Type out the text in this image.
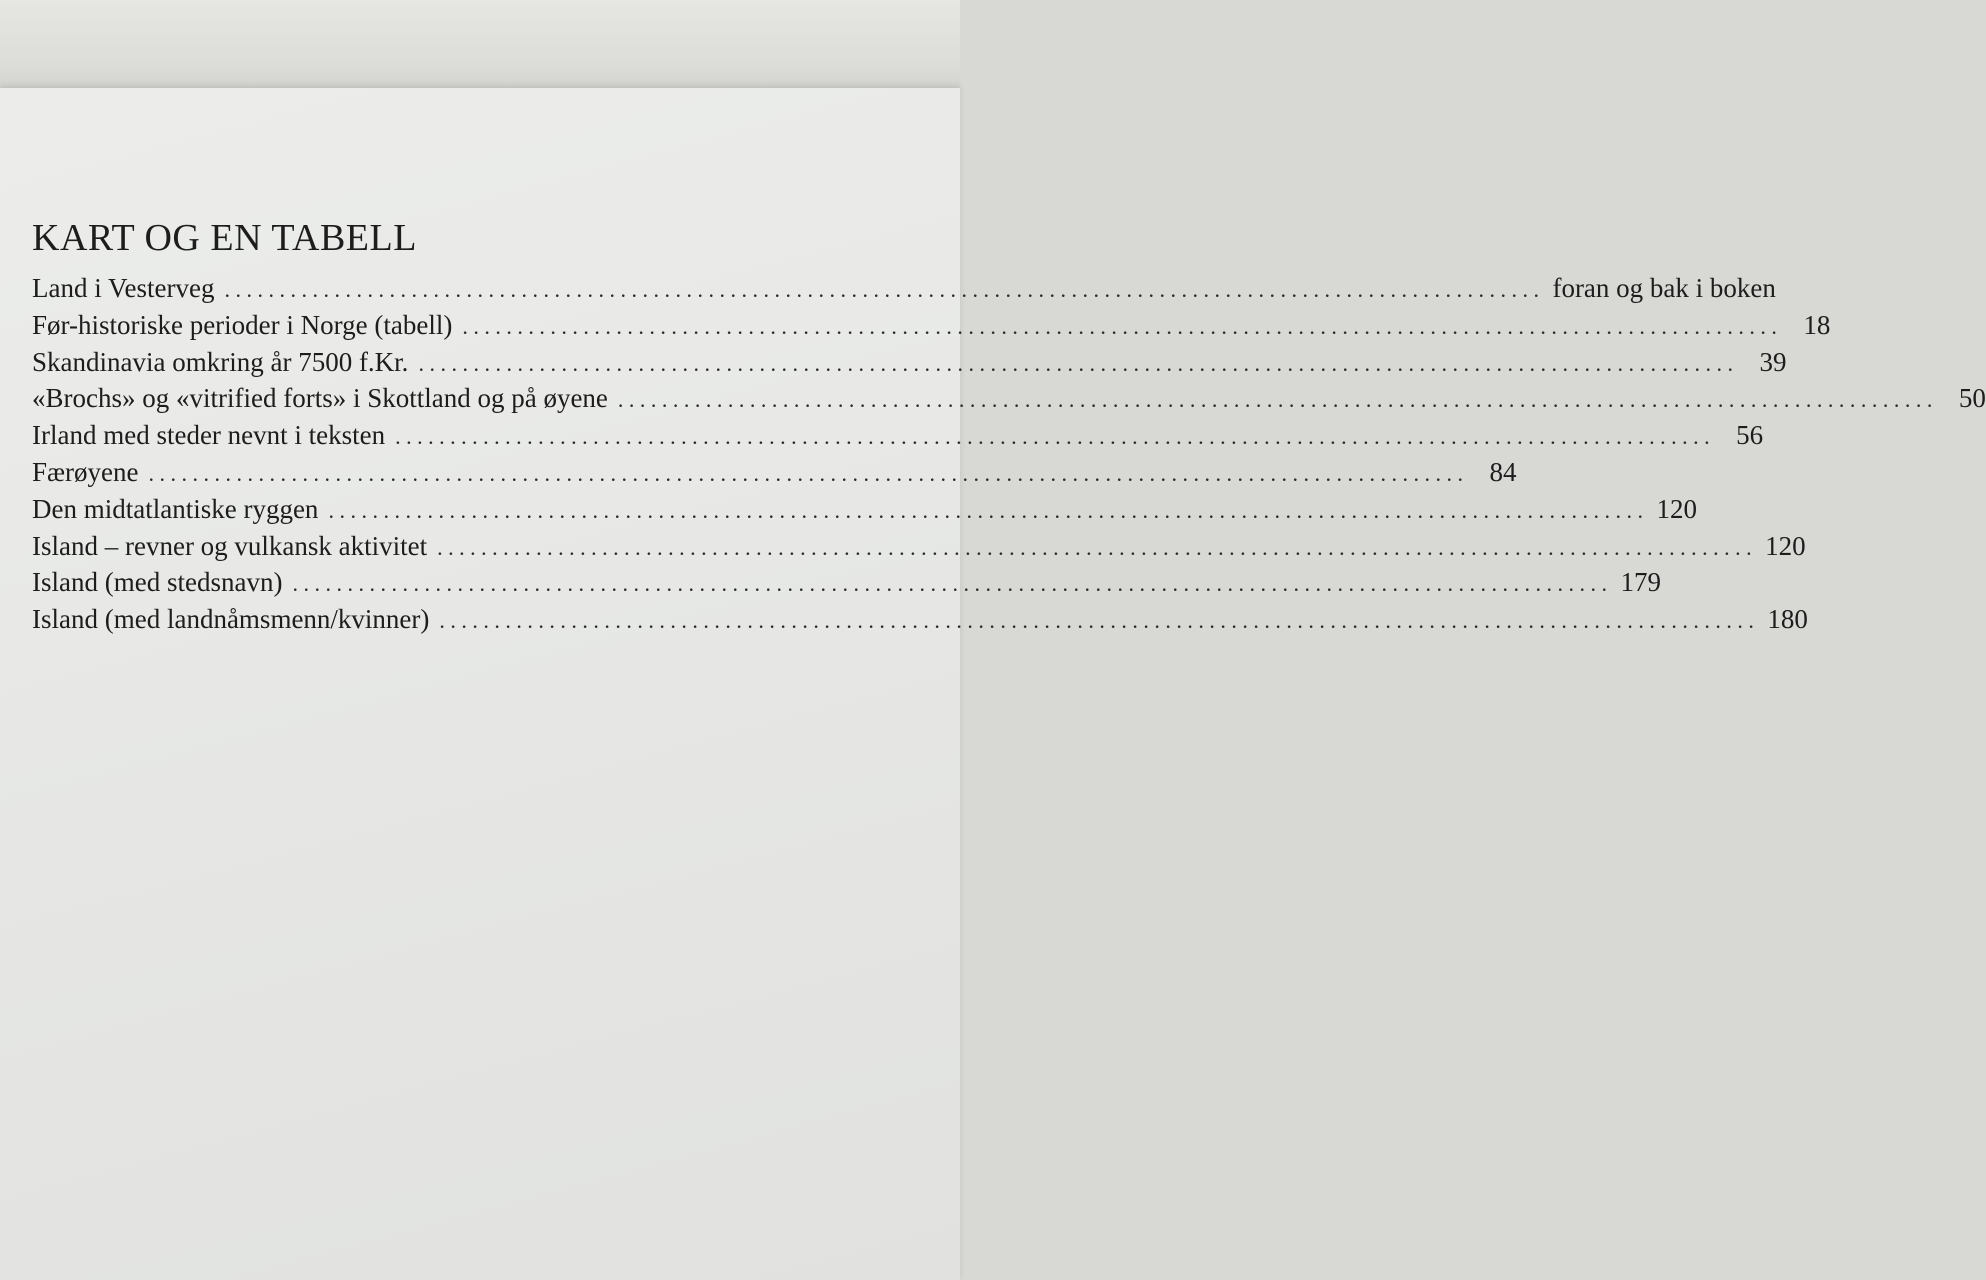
KART OG EN TABELL
Land i Vesterveg ........................................................................................................................ foran og bak i boken
Før-historiske perioder i Norge (tabell) ........................................................................................................................ 18
Skandinavia omkring år 7500 f.Kr. ........................................................................................................................ 39
«Brochs» og «vitrified forts» i Skottland og på øyene ........................................................................................................................ 50
Irland med steder nevnt i teksten ........................................................................................................................ 56
Færøyene ........................................................................................................................ 84
Den midtatlantiske ryggen ........................................................................................................................ 120
Island – revner og vulkansk aktivitet ........................................................................................................................ 120
Island (med stedsnavn) ........................................................................................................................ 179
Island (med landnåmsmenn/kvinner) ........................................................................................................................ 180
